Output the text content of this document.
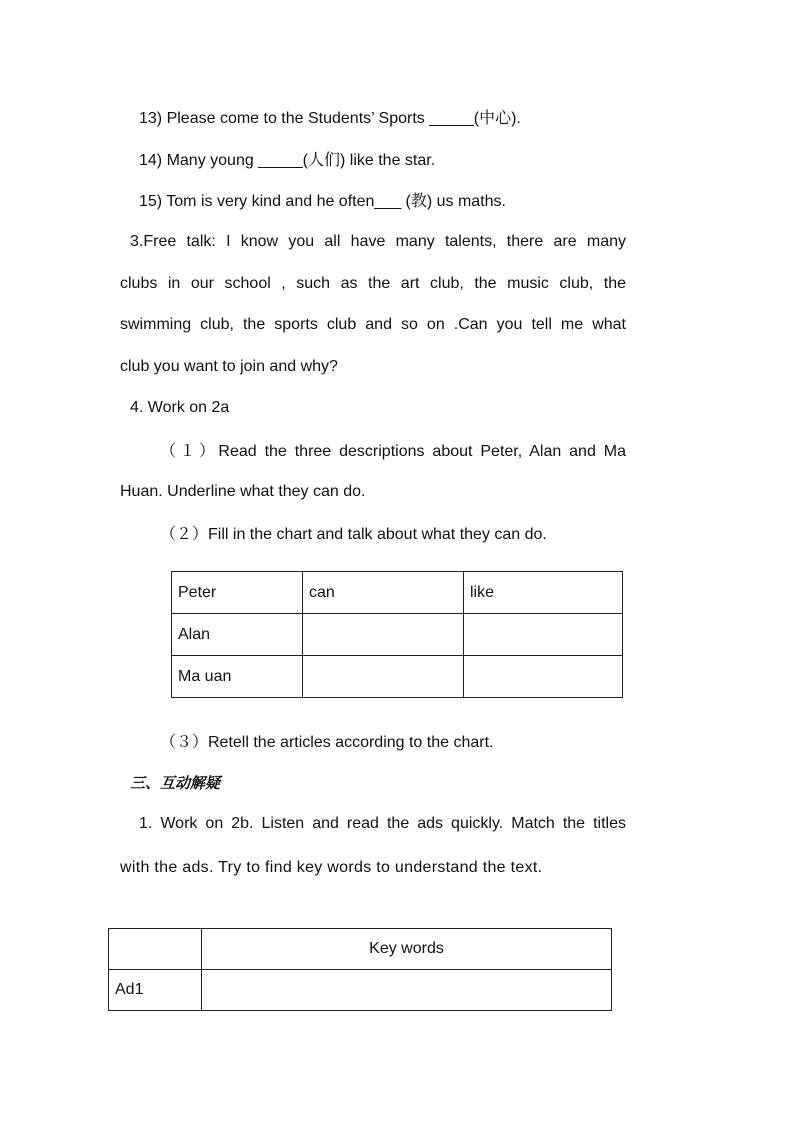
13) Please come to the Students’ Sports _____(中心).
14) Many young _____(人们) like the star.
15) Tom is very kind and he often___ (教) us maths.
3.Free talk: I know you all have many talents, there are many
clubs in our school , such as the art club, the music club, the
swimming club, the sports club and so on .Can you tell me what
club you want to join and why?
4. Work on 2a
（１）Read the three descriptions about Peter, Alan and Ma
Huan. Underline what they can do.
（２）Fill in the chart and talk about what they can do.
Peter	can	like
Alan		
Ma uan		
（３）Retell the articles according to the chart.
三、互动解疑
1. Work on 2b. Listen and read the ads quickly. Match the titles
with the ads. Try to find key words to understand the text.
	Key words
Ad1	
